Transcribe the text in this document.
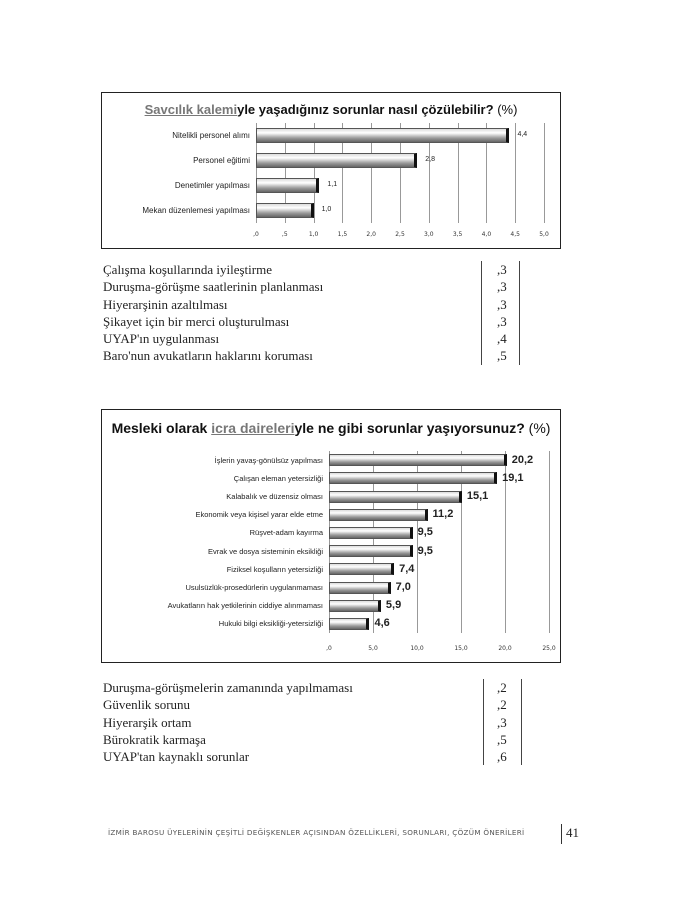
Savcılık kalemiyle yaşadığınız sorunlar nasıl çözülebilir? (%)
,0	,5	1,0	1,5	2,0	2,5	3,0	3,5	4,0	4,5	5,0
Nitelikli personel alımı	4,4
Personel eğitimi	2,8
Denetimler yapılması	1,1
Mekan düzenlemesi yapılması	1,0
Çalışma koşullarında iyileştirme	,3
Duruşma-görüşme saatlerinin planlanması	,3
Hiyerarşinin azaltılması	,3
Şikayet için bir merci oluşturulması	,3
UYAP'ın uygulanması	,4
Baro'nun avukatların haklarını koruması	,5
Mesleki olarak icra daireleriyle ne gibi sorunlar yaşıyorsunuz? (%)
,0	5,0	10,0	15,0	20,0	25,0
İşlerin yavaş-gönülsüz yapılması	20,2
Çalışan eleman yetersizliği	19,1
Kalabalık ve düzensiz olması	15,1
Ekonomik veya kişisel yarar elde etme	11,2
Rüşvet-adam kayırma	9,5
Evrak ve dosya sisteminin eksikliği	9,5
Fiziksel koşulların yetersizliği	7,4
Usulsüzlük-prosedürlerin uygulanmaması	7,0
Avukatların hak yetkilerinin ciddiye alınmaması	5,9
Hukuki bilgi eksikliği-yetersizliği	4,6
Duruşma-görüşmelerin zamanında yapılmaması	,2
Güvenlik sorunu	,2
Hiyerarşik ortam	,3
Bürokratik karmaşa	,5
UYAP'tan kaynaklı sorunlar	,6
İZMİR BAROSU ÜYELERİNİN ÇEŞİTLİ DEĞİŞKENLER AÇISINDAN ÖZELLİKLERİ, SORUNLARI, ÇÖZÜM ÖNERİLERİ	41
